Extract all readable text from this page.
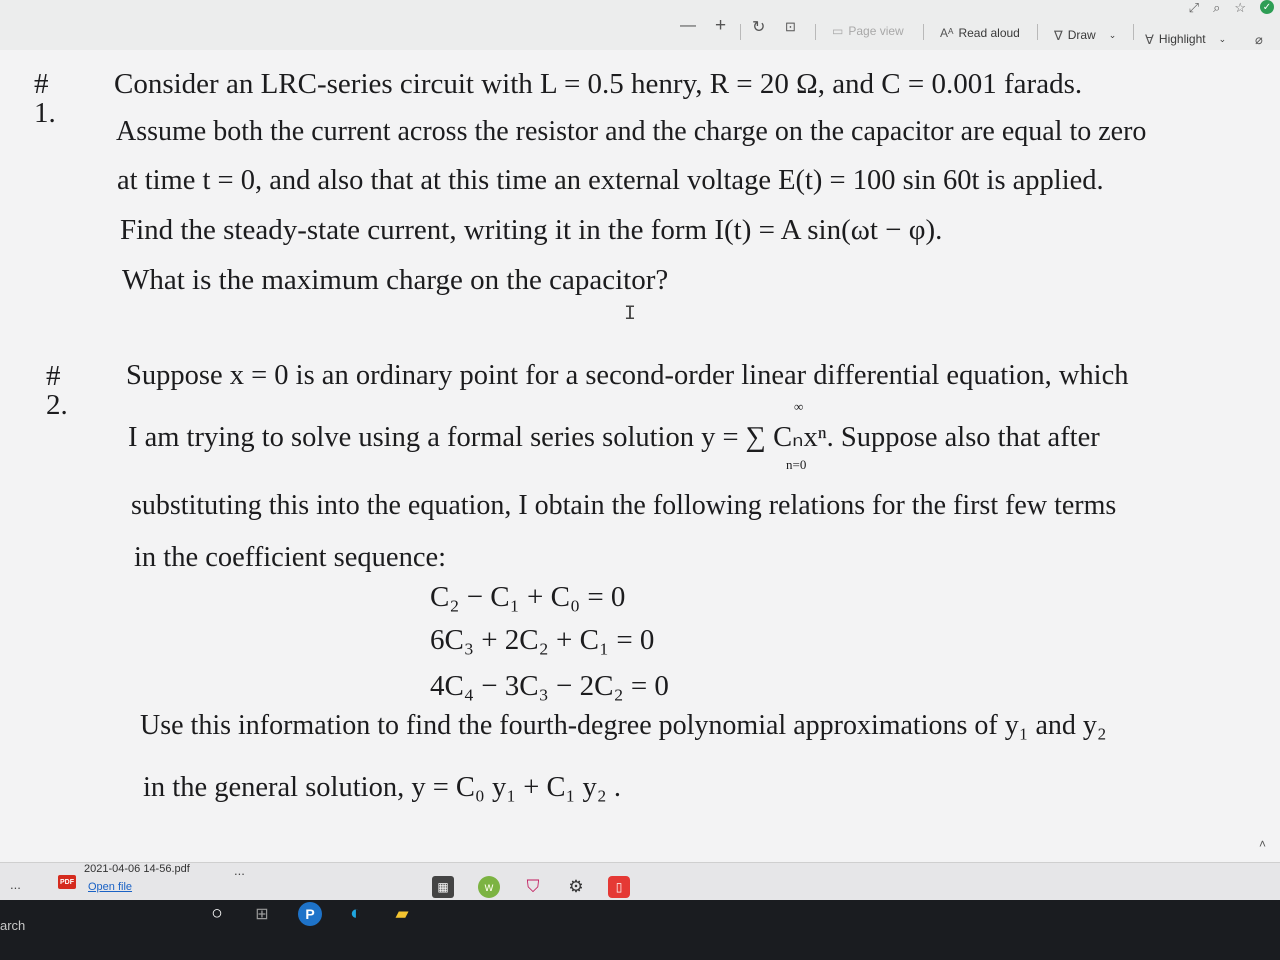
⤢ ⌕ ☆ ✓
— + ↻ ⊡	▭ Page view	Aᴬ Read aloud	∇ Draw ⌄ ∀ Highlight ⌄ ⌀
# 1.
Consider an LRC-series circuit with L = 0.5 henry, R = 20 Ω, and C = 0.001 farads.
Assume both the current across the resistor and the charge on the capacitor are equal to zero
at time t = 0, and also that at this time an external voltage E(t) = 100 sin 60t is applied.
Find the steady-state current, writing it in the form I(t) = A sin(ωt − φ).
What is the maximum charge on the capacitor?
I
# 2.
Suppose x = 0 is an ordinary point for a second-order linear differential equation, which
∞
I am trying to solve using a formal series solution y = ∑ Cₙxⁿ. Suppose also that after
n=0
substituting this into the equation, I obtain the following relations for the first few terms
in the coefficient sequence:
C₂ − C₁ + C₀ = 0
6C₃ + 2C₂ + C₁ = 0
4C₄ − 3C₃ − 2C₂ = 0
Use this information to find the fourth-degree polynomial approximations of y₁ and y₂
in the general solution, y = C₀ y₁ + C₁ y₂ .
...	PDF
2021-04-06 14-56.pdf
Open file
...
˄
arch
▦	w	⛉ ⚙	▯
○	⊞	P	◐	▰
